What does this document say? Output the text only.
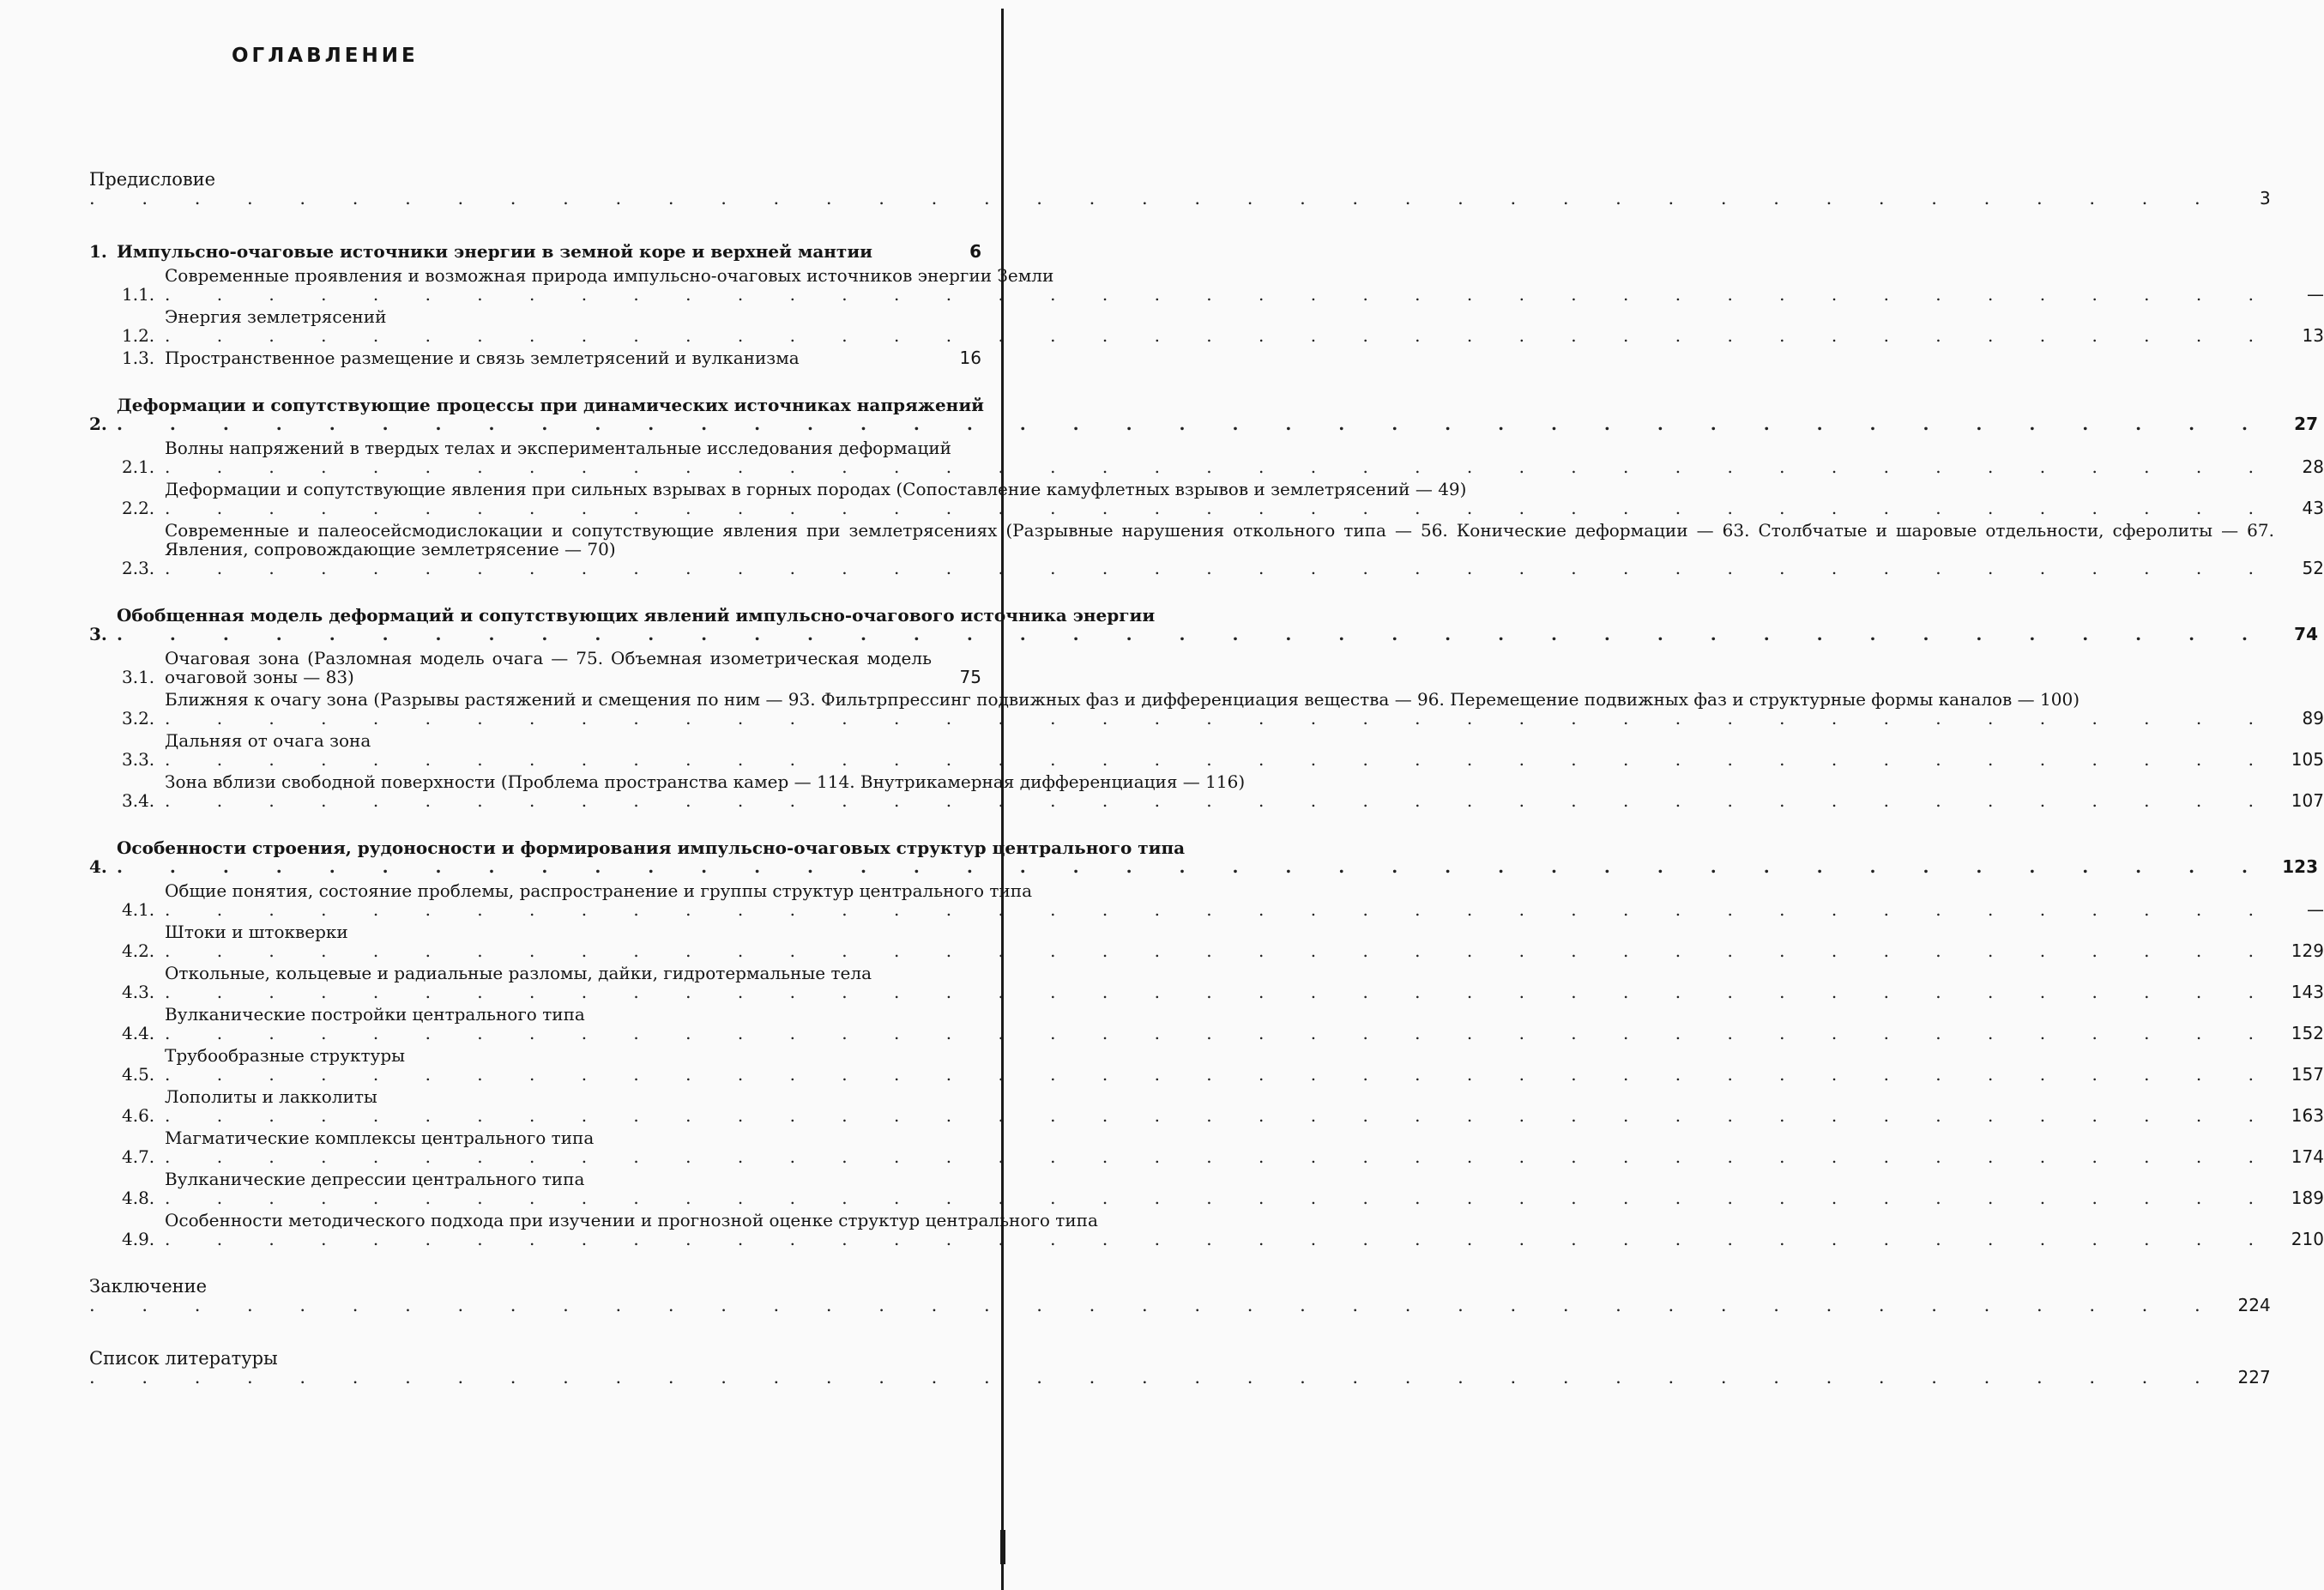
ОГЛАВЛЕНИЕ
Предисловие
. . . . . . . . . . . . . . . . . . . . . . . . . . . . . . . . . . . . . . . . .	3
1. Импульсно-очаговые источники энергии в земной коре и верхней мантии	6
1.1.
Современные проявления и возможная природа импульсно-очаговых источников энергии Земли
. . . . . . . . . . . . . . . . . . . . . . . . . . . . . . . . . . . . . . . . .	—
1.2.
Энергия землетрясений
. . . . . . . . . . . . . . . . . . . . . . . . . . . . . . . . . . . . . . . . .	13
1.3. Пространственное размещение и связь землетрясений и вулканизма	16
2.
Деформации и сопутствующие процессы при динамических источниках напряжений
. . . . . . . . . . . . . . . . . . . . . . . . . . . . . . . . . . . . . . . . .	27
2.1.
Волны напряжений в твердых телах и экспериментальные исследования деформаций
. . . . . . . . . . . . . . . . . . . . . . . . . . . . . . . . . . . . . . . . .	28
2.2.
Деформации и сопутствующие явления при сильных взрывах в горных породах (Сопоставление камуфлетных взрывов и землетрясений — 49)
. . . . . . . . . . . . . . . . . . . . . . . . . . . . . . . . . . . . . . . . .	43
2.3.
Современные и палеосейсмодислокации и сопутствующие явления при землетрясениях (Разрывные нарушения откольного типа — 56. Конические деформации — 63. Столбчатые и шаровые отдельности, сферолиты — 67. Явления, сопровождающие землетрясение — 70)
. . . . . . . . . . . . . . . . . . . . . . . . . . . . . . . . . . . . . . . . .	52
3.
Обобщенная модель деформаций и сопутствующих явлений импульсно-очагового источника энергии
. . . . . . . . . . . . . . . . . . . . . . . . . . . . . . . . . . . . . . . . .	74
3.1.
Очаговая зона (Разломная модель очага — 75. Объемная изометрическая модель очаговой зоны — 83)	75
3.2.
Ближняя к очагу зона (Разрывы растяжений и смещения по ним — 93. Фильтрпрессинг подвижных фаз и дифференциация вещества — 96. Перемещение подвижных фаз и структурные формы каналов — 100)
. . . . . . . . . . . . . . . . . . . . . . . . . . . . . . . . . . . . . . . . .	89
3.3.
Дальняя от очага зона
. . . . . . . . . . . . . . . . . . . . . . . . . . . . . . . . . . . . . . . . . 105
3.4.
Зона вблизи свободной поверхности (Проблема пространства камер — 114. Внутрикамерная дифференциация — 116)
. . . . . . . . . . . . . . . . . . . . . . . . . . . . . . . . . . . . . . . . . 107
4.
Особенности строения, рудоносности и формирования импульсно-очаговых структур центрального типа
. . . . . . . . . . . . . . . . . . . . . . . . . . . . . . . . . . . . . . . . . 123
4.1.
Общие понятия, состояние проблемы, распространение и группы структур центрального типа
. . . . . . . . . . . . . . . . . . . . . . . . . . . . . . . . . . . . . . . . .	—
4.2.
Штоки и штокверки
. . . . . . . . . . . . . . . . . . . . . . . . . . . . . . . . . . . . . . . . . 129
4.3.
Откольные, кольцевые и радиальные разломы, дайки, гидротермальные тела
. . . . . . . . . . . . . . . . . . . . . . . . . . . . . . . . . . . . . . . . . 143
4.4.
Вулканические постройки центрального типа
. . . . . . . . . . . . . . . . . . . . . . . . . . . . . . . . . . . . . . . . . 152
4.5.
Трубообразные структуры
. . . . . . . . . . . . . . . . . . . . . . . . . . . . . . . . . . . . . . . . . 157
4.6.
Лополиты и лакколиты
. . . . . . . . . . . . . . . . . . . . . . . . . . . . . . . . . . . . . . . . . 163
4.7.
Магматические комплексы центрального типа
. . . . . . . . . . . . . . . . . . . . . . . . . . . . . . . . . . . . . . . . . 174
4.8.
Вулканические депрессии центрального типа
. . . . . . . . . . . . . . . . . . . . . . . . . . . . . . . . . . . . . . . . . 189
4.9.
Особенности методического подхода при изучении и прогнозной оценке структур центрального типа
. . . . . . . . . . . . . . . . . . . . . . . . . . . . . . . . . . . . . . . . . 210
Заключение
. . . . . . . . . . . . . . . . . . . . . . . . . . . . . . . . . . . . . . . . . 224
Список литературы
. . . . . . . . . . . . . . . . . . . . . . . . . . . . . . . . . . . . . . . . . 227
